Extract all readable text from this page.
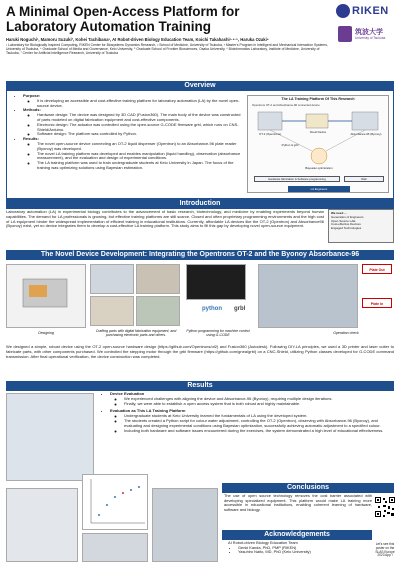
A Minimal Open-Access Platform for Laboratory Automation Training
Haruki Noguchi¹, Mamoru Suzuki², Kohei Tachibana³, AI Robot-driven Biology Education Team, Koichi Takahashi¹·⁴·⁵, Haruka Ozaki⁶
¹ Laboratory for Biologically Inspired Computing, RIKEN Center for Biosystems Dynamics Research, ² School of Medicine, University of Tsukuba, ³ Master's Program in Intelligent and Mechanical Interaction Systems, University of Tsukuba, ⁴ Graduate School of Media and Governance, Keio University, ⁵ Graduate School of Frontier Biosciences, Osaka University, ⁶ Bioinformatics Laboratory, Institute of Medicine, University of Tsukuba, ⁷ Center for Artificial Intelligence Research, University of Tsukuba
RIKEN
筑波大学
University of Tsukuba
Overview
• Purpose:
◦ It is developing an accessible and cost-effective training platform for laboratory automation (LA) by the novel open-source device.
• Methods:
◦ Hardware design: The device was designed by 3D CAD (Fusion360). The main body of the device was constructed of parts modeled on digital fabrication equipment and cost-effective components.
◦ Electronic design: The actuator was controlled using the open-source G-CODE firmware grbl, which runs on CNS-Shield/Arduino.
◦ Software design: The platform was controlled by Python.
• Results:
◦ The novel open-source device connecting an OT-2 liquid dispenser (Opentron) to an Absorbance-96 plate reader (Byonoy) was developed.
◦ The novel LA training platform was developed and enables manipulation (liquid handling), observation (absorbance measurement), and the evaluation and design of experimental conditions.
◦ The LA training platform was used to train undergraduate students at Keio University in Japan. The focus of the training was optimizing solutions using Bayesian estimation.
The LA Training Platform Of This Research
Opentrons OT-2 and Absorbance-96 connected device
OT-2 (Opentrons)	Novel Device	Absorbance-96 (Byonoy)
Python & grbl
Bayesian optimization
Hardware fabrication & Software programming	Web
LA Engineers
Introduction
Laboratory automation (LA) in experimental biology contributes to the advancement of basic research, biotechnology, and medicine by enabling experiments beyond human capabilities. The demand for LA professionals is growing, but effective training platforms are still scarce. Closed and often proprietary programming environments and the high cost of LA equipment hinder the widespread implementation of efficient training in educational institutions. Currently, affordable LA devices like the OT-2 (Opentron) and Absorbance96 (Byonoy) exist, yet no device integrates them to develop a cost-effective LA training platform. This study aims to fill this gap by developing novel open-source equipment.
We need ...
Generation of Engineers
Open-Source LAE
Cost-effective Devices
Engaged Technologies
The Novel Device Development: Integrating the Opentrons OT-2 and the Byonoy Absorbance-96
Designing	Crafting parts with digital fabrication equipment, and purchasing electronic parts and others.
python grbl
Python programming for machine control using G-CODE
Plate Out
Plate In
Operation check
We designed a simple, robust device using the OT-2 open-source hardware design (https://github.com/Opentrons/ot2) and Fusion360 (Autodesk). Following DIY-LA principles, we used a 3D printer and laser cutter to fabricate parts, with other components purchased. We controlled the stepping motor through the grbl firmware (https://github.com/gnea/grbl) on a CNC-Shield, utilizing Python classes developed for G-CODE command transmission. After final operational verification, the device construction was completed.
Results
• Device Evaluation
◦ We experienced challenges with aligning the device and Absorbance-96 (Byonoy), requiring multiple design iterations.
◦ Finally, we were able to establish a open access system that is both robust and highly maintainable.
• Evaluation as This LA Training Platform
◦ Undergraduate students at Keio University learned the fundamentals of LA using the developed system.
◦ The students created a Python script for colour water adjustment, controlling the OT-2 (Opentron), observing with Absorbance-96 (Byonoy), and evaluating and designing experimental conditions using Bayesian optimization, successfully achieving automatic adjustment to a specified colour.
◦ Including both hardware and software issues encountered during the exercises, the system demonstrated a high level of educational effectiveness.
Conclusions
The use of open source technology removes the cost barrier associated with developing specialized equipment. This platform would make LA training more accessible in educational institutions, enabling coherent learning of hardware, software and biology.
Acknowledgements
AI Robot-driven Biology Education Team
• Genki Kanda, PhD, PMP (RIKEN)
• Yasuhiro Naito, MD, PhD (Keio University)
Let's see this poster on the SLAS Europe 2023 App !
